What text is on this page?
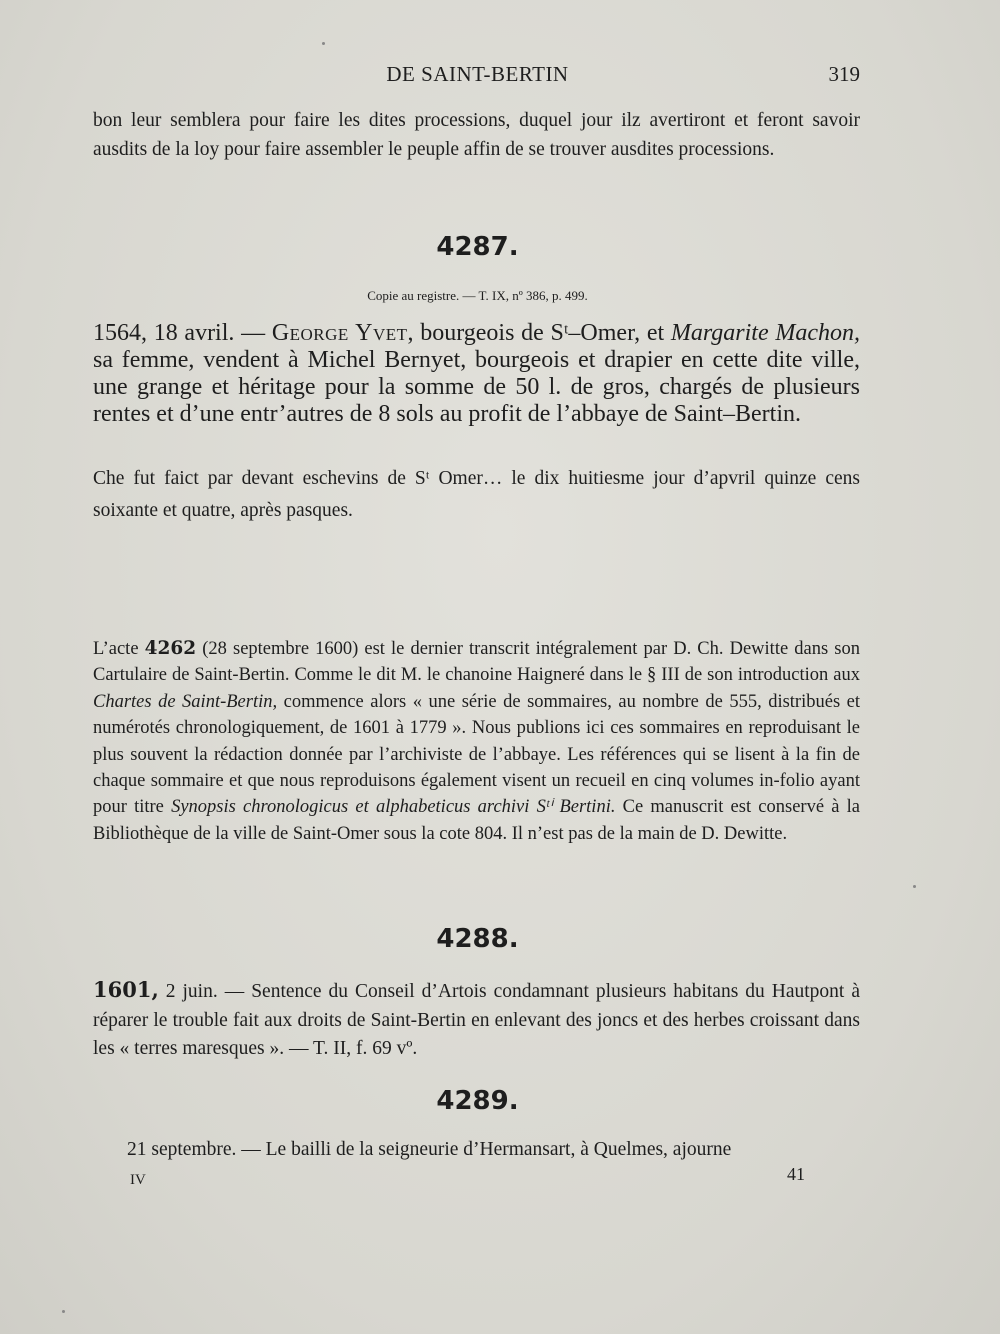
DE SAINT-BERTIN	319

bon leur semblera pour faire les dites processions, duquel jour ilz avertiront et feront savoir ausdits de la loy pour faire assembler le peuple affin de se trouver ausdites processions.

4287.
Copie au registre. — T. IX, nº 386, p. 499.

1564, 18 avril. — George Yvet, bourgeois de Sᵗ–Omer, et Margarite Machon, sa femme, vendent à Michel Bernyet, bourgeois et drapier en cette dite ville, une grange et héritage pour la somme de 50 l. de gros, chargés de plusieurs rentes et d’une entr’autres de 8 sols au profit de l’abbaye de Saint–Bertin.

Che fut faict par devant eschevins de Sᵗ Omer… le dix huitiesme jour d’apvril quinze cens soixante et quatre, après pasques.

L’acte 4262 (28 septembre 1600) est le dernier transcrit intégralement par D. Ch. Dewitte dans son Cartulaire de Saint-Bertin. Comme le dit M. le chanoine Haigneré dans le § III de son introduction aux Chartes de Saint-Bertin, commence alors « une série de sommaires, au nombre de 555, distribués et numérotés chronologiquement, de 1601 à 1779 ». Nous publions ici ces sommaires en reproduisant le plus souvent la rédaction donnée par l’archiviste de l’abbaye. Les références qui se lisent à la fin de chaque sommaire et que nous reproduisons également visent un recueil en cinq volumes in-folio ayant pour titre Synopsis chronologicus et alphabeticus archivi Sᵗⁱ Bertini. Ce manuscrit est conservé à la Bibliothèque de la ville de Saint-Omer sous la cote 804. Il n’est pas de la main de D. Dewitte.

4288.

1601, 2 juin. — Sentence du Conseil d’Artois condamnant plusieurs habitans du Hautpont à réparer le trouble fait aux droits de Saint-Bertin en enlevant des joncs et des herbes croissant dans les « terres maresques ». — T. II, f. 69 vº.

4289.

21 septembre. — Le bailli de la seigneurie d’Hermansart, à Quelmes, ajourne

IV	41
